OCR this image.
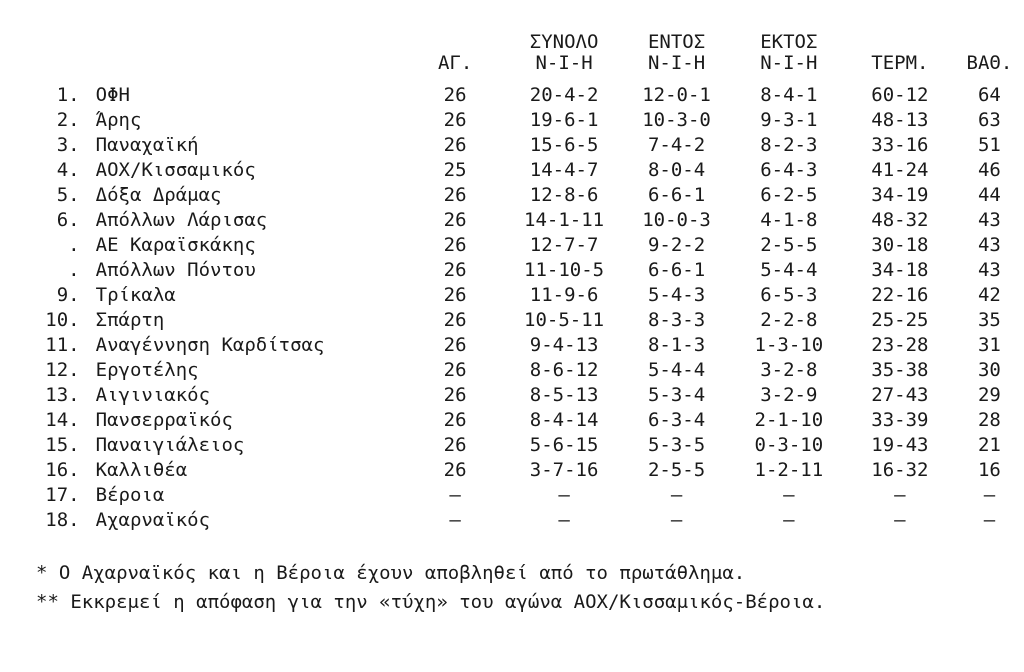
			ΣΥΝΟΛΟ	ΕΝΤΟΣ	ΕΚΤΟΣ		
		ΑΓ.	Ν-Ι-Η	Ν-Ι-Η	Ν-Ι-Η	ΤΕΡΜ.	ΒΑΘ.
1.	ΟΦΗ	26	20-4-2	12-0-1	8-4-1	60-12	64
2.	Άρης	26	19-6-1	10-3-0	9-3-1	48-13	63
3.	Παναχαϊκή	26	15-6-5	7-4-2	8-2-3	33-16	51
4.	ΑΟΧ/Κισσαμικός	25	14-4-7	8-0-4	6-4-3	41-24	46
5.	Δόξα Δράμας	26	12-8-6	6-6-1	6-2-5	34-19	44
6.	Απόλλων Λάρισας	26	14-1-11	10-0-3	4-1-8	48-32	43
.	ΑΕ Καραϊσκάκης	26	12-7-7	9-2-2	2-5-5	30-18	43
.	Απόλλων Πόντου	26	11-10-5	6-6-1	5-4-4	34-18	43
9.	Τρίκαλα	26	11-9-6	5-4-3	6-5-3	22-16	42
10.	Σπάρτη	26	10-5-11	8-3-3	2-2-8	25-25	35
11.	Αναγέννηση Καρδίτσας	26	9-4-13	8-1-3	1-3-10	23-28	31
12.	Εργοτέλης	26	8-6-12	5-4-4	3-2-8	35-38	30
13.	Αιγινιακός	26	8-5-13	5-3-4	3-2-9	27-43	29
14.	Πανσερραϊκός	26	8-4-14	6-3-4	2-1-10	33-39	28
15.	Παναιγιάλειος	26	5-6-15	5-3-5	0-3-10	19-43	21
16.	Καλλιθέα	26	3-7-16	2-5-5	1-2-11	16-32	16
17.	Βέροια	–	–	–	–	–	–
18.	Αχαρναϊκός	–	–	–	–	–	–
* Ο Αχαρναϊκός και η Βέροια έχουν αποβληθεί από το πρωτάθλημα.
** Εκκρεμεί η απόφαση για την «τύχη» του αγώνα ΑΟΧ/Κισσαμικός-Βέροια.
